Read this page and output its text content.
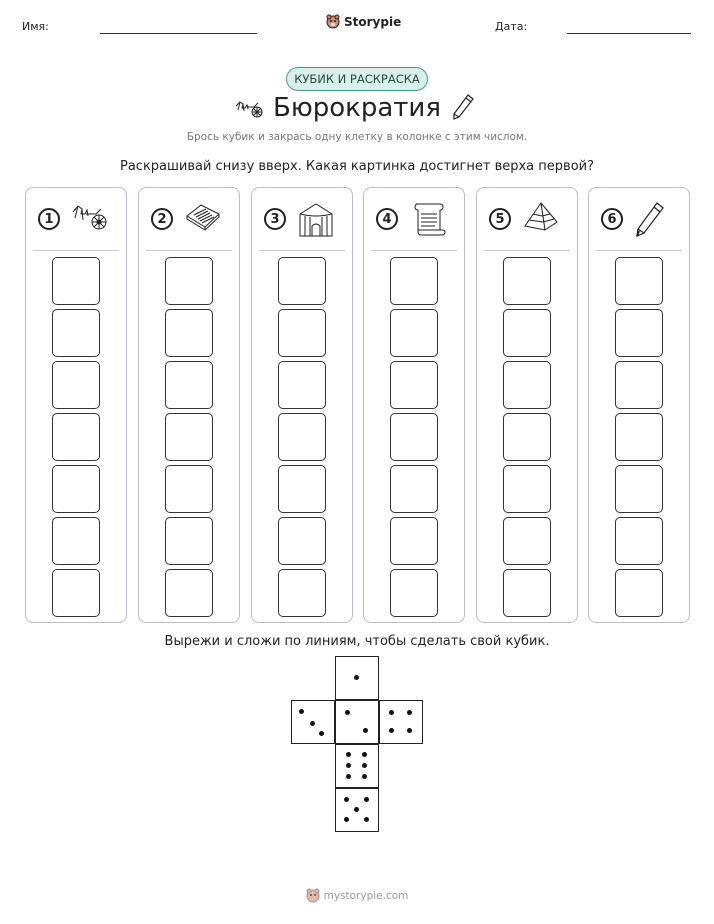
Имя:	Storypie	Дата:
КУБИК И РАСКРАСКА
Бюрократия
Брось кубик и закрась одну клетку в колонке с этим числом.
Раскрашивай снизу вверх. Какая картинка достигнет верха первой?
1	2	3	4	5	6
Вырежи и сложи по линиям, чтобы сделать свой кубик.
mystorypie.com
